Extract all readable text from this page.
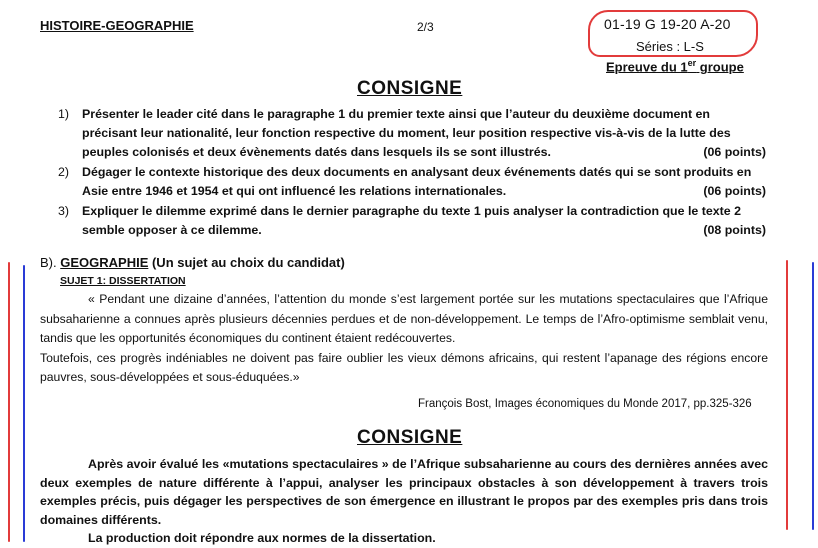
HISTOIRE-GEOGRAPHIE	2/3	01-19 G 19-20 A-20
Séries : L-S
Epreuve du 1er groupe
CONSIGNE
1) Présenter le leader cité dans le paragraphe 1 du premier texte ainsi que l’auteur du deuxième document en précisant leur nationalité, leur fonction respective du moment, leur position respective vis-à-vis de la lutte des peuples colonisés et deux évènements datés dans lesquels ils se sont illustrés.	(06 points)
2) Dégager le contexte historique des deux documents en analysant deux événements datés qui se sont produits en Asie entre 1946 et 1954 et qui ont influencé les relations internationales.	(06 points)
3) Expliquer le dilemme exprimé dans le dernier paragraphe du texte 1 puis analyser la contradiction que le texte 2 semble opposer à ce dilemme.	(08 points)
B). GEOGRAPHIE (Un sujet au choix du candidat)
SUJET 1: DISSERTATION
« Pendant une dizaine d’années, l’attention du monde s’est largement portée sur les mutations spectaculaires que l’Afrique subsaharienne a connues après plusieurs décennies perdues et de non-développement. Le temps de l’Afro-optimisme semblait venu, tandis que les opportunités économiques du continent étaient redécouvertes.
Toutefois, ces progrès indéniables ne doivent pas faire oublier les vieux démons africains, qui restent l’apanage des régions encore pauvres, sous-développées et sous-éduquées.»
François Bost, Images économiques du Monde 2017, pp.325-326
CONSIGNE
Après avoir évalué les «mutations spectaculaires » de l’Afrique subsaharienne au cours des dernières années avec deux exemples de nature différente à l’appui, analyser les principaux obstacles à son développement à travers trois exemples précis, puis dégager les perspectives de son émergence en illustrant le propos par des exemples pris dans trois domaines différents.
La production doit répondre aux normes de la dissertation.
